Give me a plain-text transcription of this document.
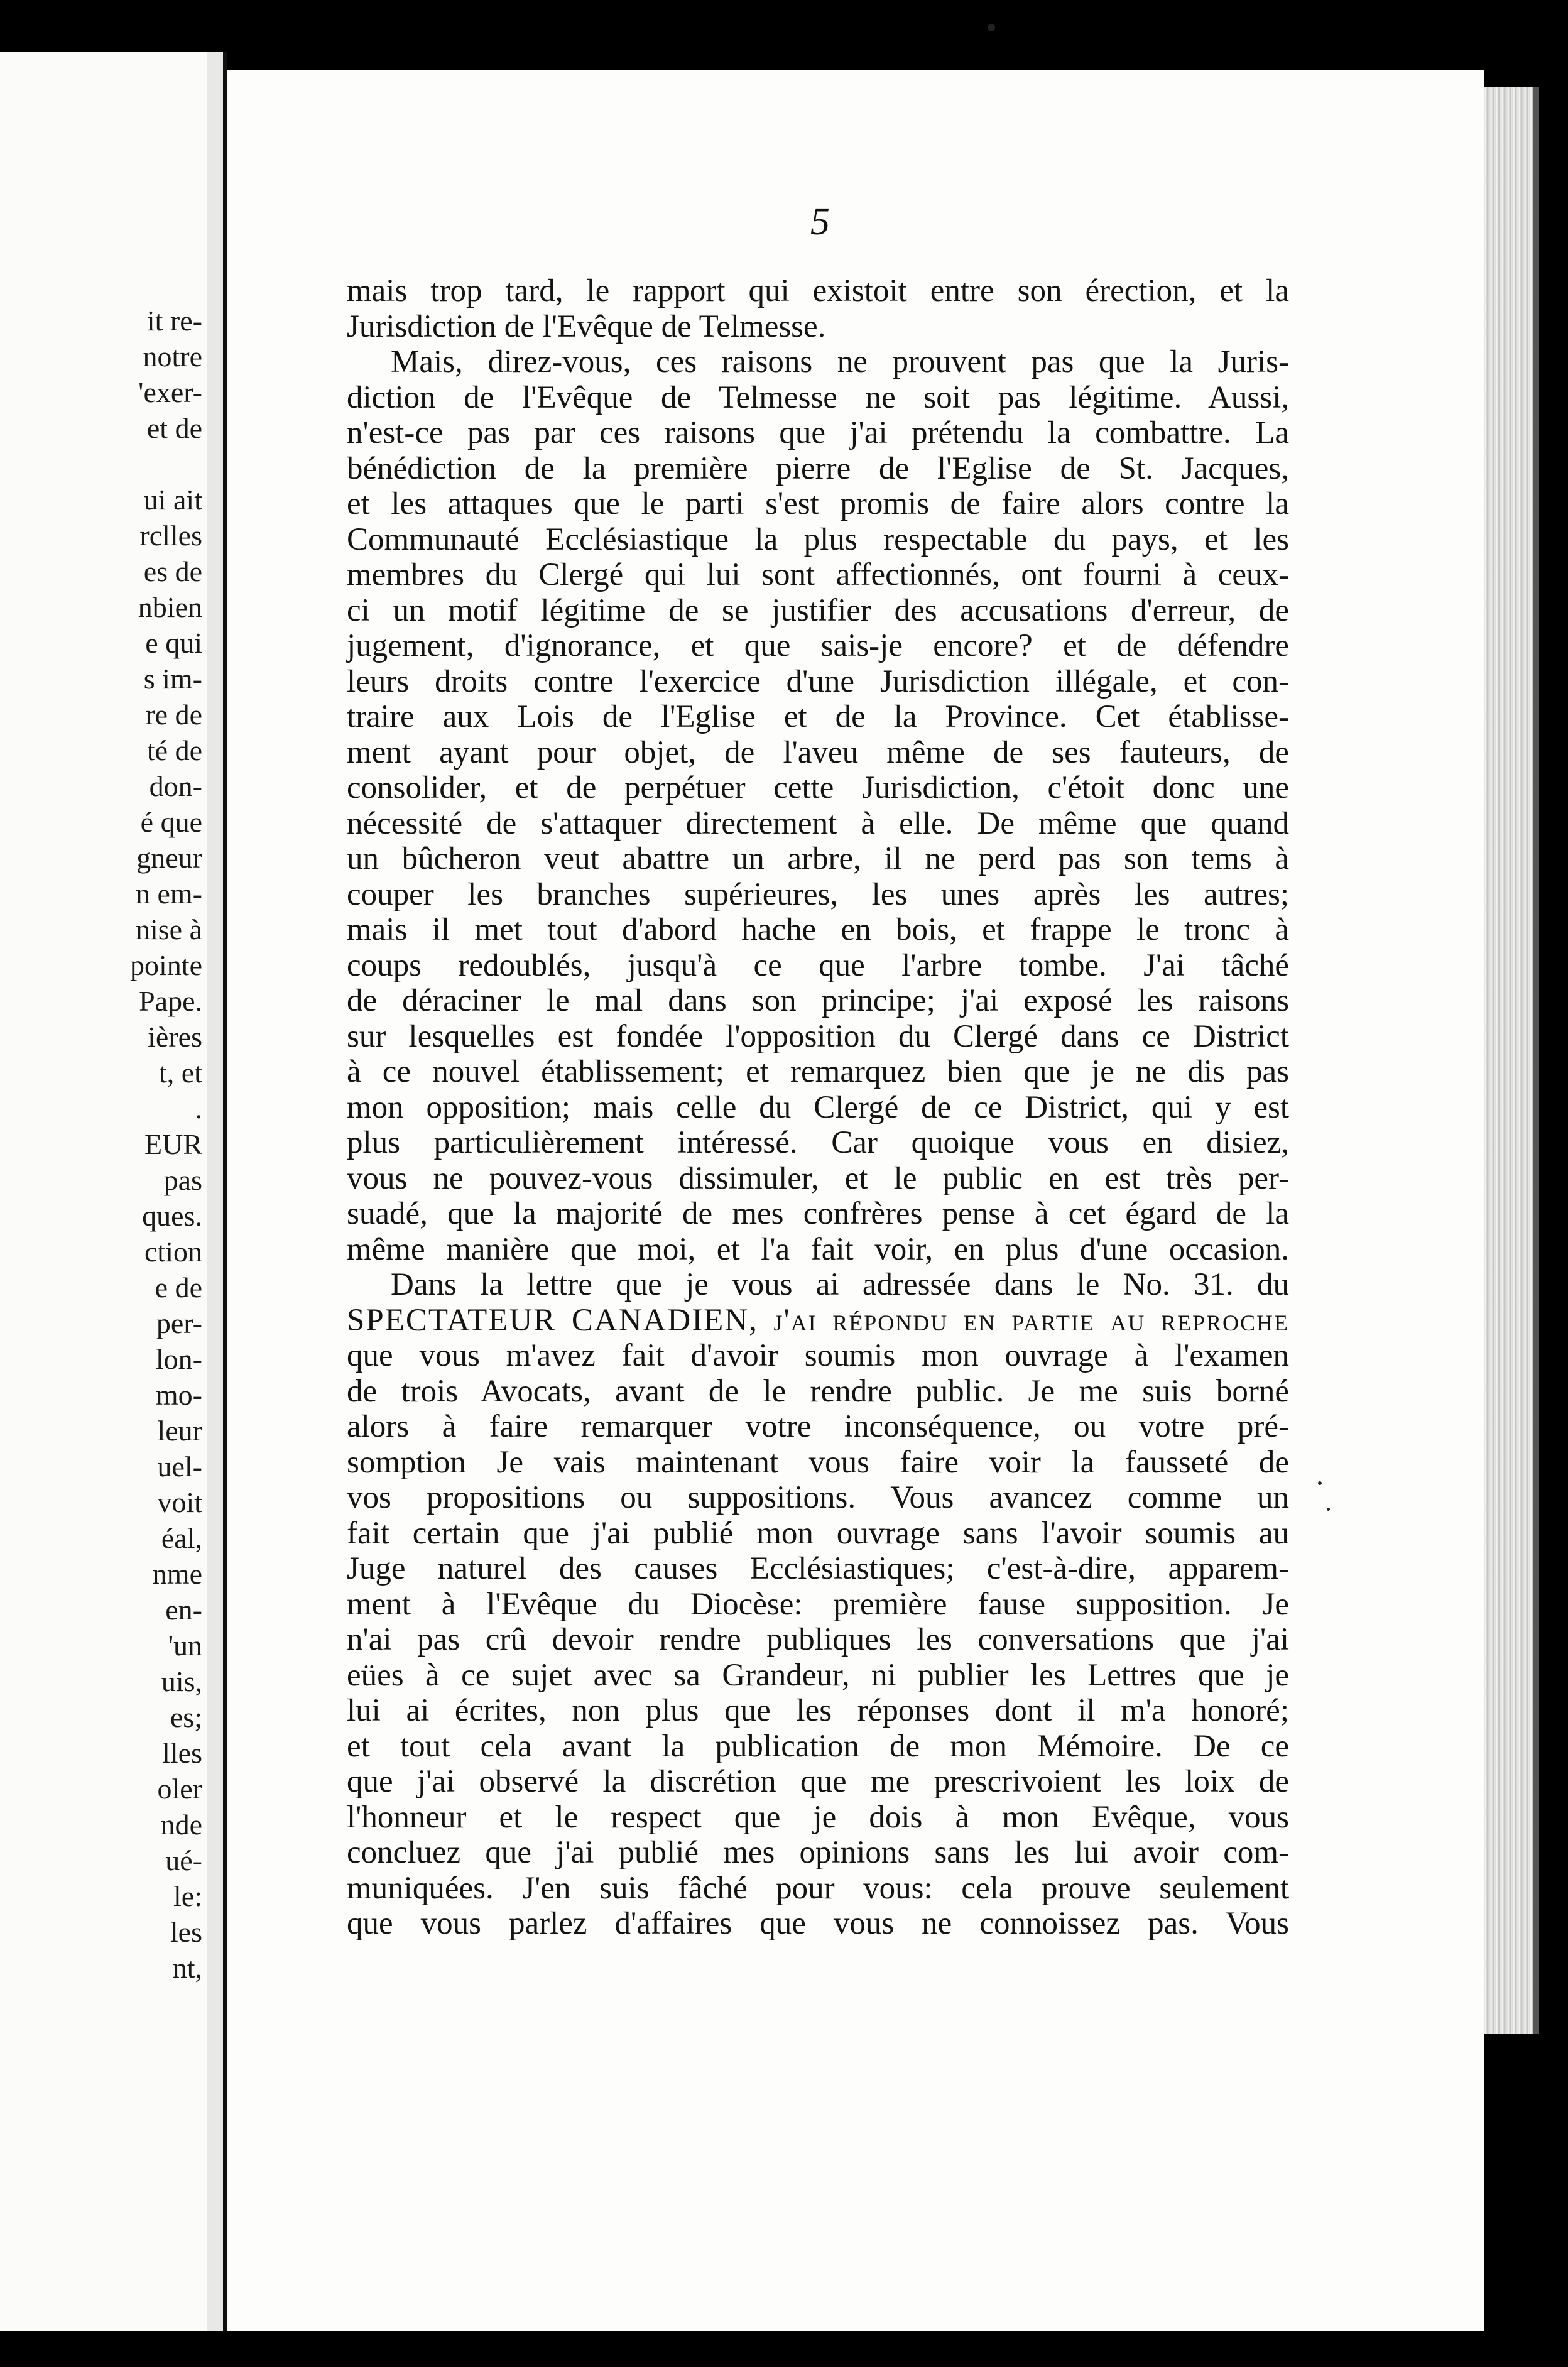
it re-
notre
'exer-
et de

ui ait
rclles
es de
nbien
e qui
s im-
re de
té de
don-
é que
gneur
n em-
nise à
pointe
Pape.
ières
t, et
.
EUR
pas
ques.
ction
e de
per-
lon-
mo-
leur
uel-
voit
éal,
nme
en-
'un
uis,
es;
lles
oler
nde
ué-
le:
les
nt,
5
mais trop tard, le rapport qui existoit entre son érection, et la
Jurisdiction de l'Evêque de Telmesse.
Mais, direz-vous, ces raisons ne prouvent pas que la Juris-
diction de l'Evêque de Telmesse ne soit pas légitime. Aussi,
n'est-ce pas par ces raisons que j'ai prétendu la combattre. La
bénédiction de la première pierre de l'Eglise de St. Jacques,
et les attaques que le parti s'est promis de faire alors contre la
Communauté Ecclésiastique la plus respectable du pays, et les
membres du Clergé qui lui sont affectionnés, ont fourni à ceux-
ci un motif légitime de se justifier des accusations d'erreur, de
jugement, d'ignorance, et que sais-je encore? et de défendre
leurs droits contre l'exercice d'une Jurisdiction illégale, et con-
traire aux Lois de l'Eglise et de la Province. Cet établisse-
ment ayant pour objet, de l'aveu même de ses fauteurs, de
consolider, et de perpétuer cette Jurisdiction, c'étoit donc une
nécessité de s'attaquer directement à elle. De même que quand
un bûcheron veut abattre un arbre, il ne perd pas son tems à
couper les branches supérieures, les unes après les autres;
mais il met tout d'abord hache en bois, et frappe le tronc à
coups redoublés, jusqu'à ce que l'arbre tombe. J'ai tâché
de déraciner le mal dans son principe; j'ai exposé les raisons
sur lesquelles est fondée l'opposition du Clergé dans ce District
à ce nouvel établissement; et remarquez bien que je ne dis pas
mon opposition; mais celle du Clergé de ce District, qui y est
plus particulièrement intéressé. Car quoique vous en disiez,
vous ne pouvez-vous dissimuler, et le public en est très per-
suadé, que la majorité de mes confrères pense à cet égard de la
même manière que moi, et l'a fait voir, en plus d'une occasion.
Dans la lettre que je vous ai adressée dans le No. 31. du
SPECTATEUR CANADIEN, j'ai répondu en partie au reproche
que vous m'avez fait d'avoir soumis mon ouvrage à l'examen
de trois Avocats, avant de le rendre public. Je me suis borné
alors à faire remarquer votre inconséquence, ou votre pré-
somption Je vais maintenant vous faire voir la fausseté de
vos propositions ou suppositions. Vous avancez comme un
fait certain que j'ai publié mon ouvrage sans l'avoir soumis au
Juge naturel des causes Ecclésiastiques; c'est-à-dire, apparem-
ment à l'Evêque du Diocèse: première fause supposition. Je
n'ai pas crû devoir rendre publiques les conversations que j'ai
eües à ce sujet avec sa Grandeur, ni publier les Lettres que je
lui ai écrites, non plus que les réponses dont il m'a honoré;
et tout cela avant la publication de mon Mémoire. De ce
que j'ai observé la discrétion que me prescrivoient les loix de
l'honneur et le respect que je dois à mon Evêque, vous
concluez que j'ai publié mes opinions sans les lui avoir com-
muniquées. J'en suis fâché pour vous: cela prouve seulement
que vous parlez d'affaires que vous ne connoissez pas. Vous
